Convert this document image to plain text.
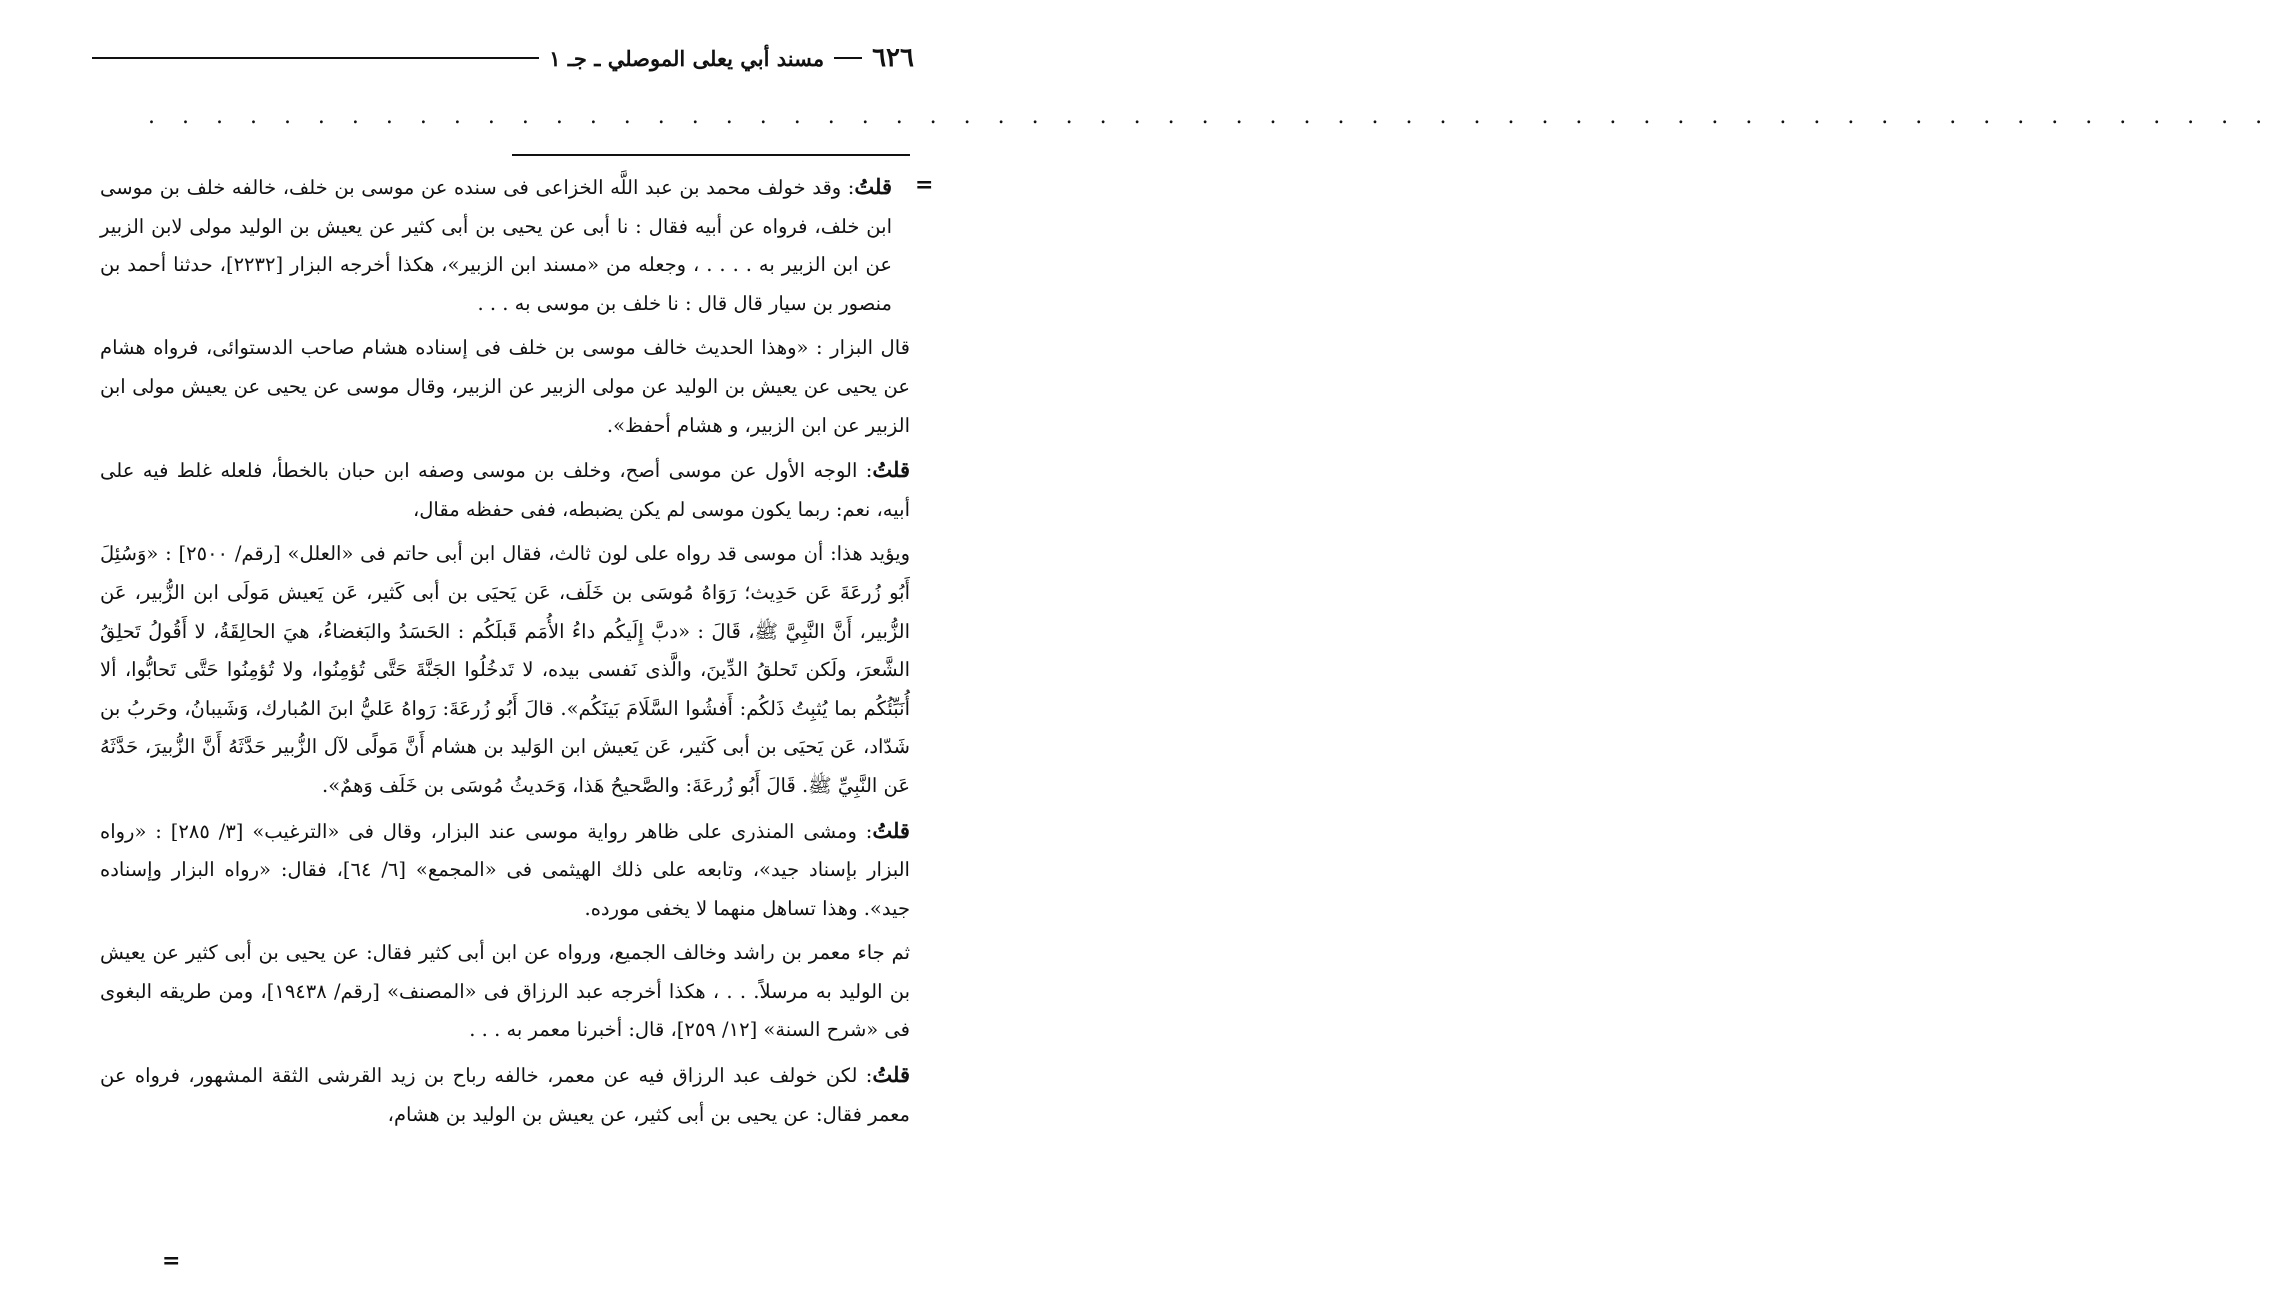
٦٢٦
مسند أبي يعلى الموصلي ـ جـ ١
. . . . . . . . . . . . . . . . . . . . . . . . . . . . . . . . . . . . . . . . . . . . . . . . . . . . . . . . . . . . . . .
=

قلتُ: وقد خولف محمد بن عبد اللَّه الخزاعى فى سنده عن موسى بن خلف، خالفه خلف بن موسى ابن خلف، فرواه عن أبيه فقال : نا أبى عن يحيى بن أبى كثير عن يعيش بن الوليد مولى لابن الزبير عن ابن الزبير به . . . . ، وجعله من «مسند ابن الزبير»، هكذا أخرجه البزار [٢٢٣٢]، حدثنا أحمد بن منصور بن سيار قال قال : نا خلف بن موسى به . . .

قال البزار : «وهذا الحديث خالف موسى بن خلف فى إسناده هشام صاحب الدستوائى، فرواه هشام عن يحيى عن يعيش بن الوليد عن مولى الزبير عن الزبير، وقال موسى عن يحيى عن يعيش مولى ابن الزبير عن ابن الزبير، و هشام أحفظ».

قلتُ: الوجه الأول عن موسى أصح، وخلف بن موسى وصفه ابن حبان بالخطأ، فلعله غلط فيه على أبيه، نعم: ربما يكون موسى لم يكن يضبطه، ففى حفظه مقال،

ويؤيد هذا: أن موسى قد رواه على لون ثالث، فقال ابن أبى حاتم فى «العلل» [رقم/ ٢٥٠٠] : «وَسُئِلَ أَبُو زُرعَةَ عَن حَدِيث؛ رَوَاهُ مُوسَى بن خَلَف، عَن يَحيَى بن أبى كَثير، عَن يَعيش مَولَى ابن الزُّبير، عَن الزُّبير، أَنَّ النَّبِيَّ ﷺ، قَالَ : «دبَّ إِلَيكُم داءُ الأُمَم قَبلَكُم : الحَسَدُ والبَغضاءُ، هيَ الحالِقَةُ، لا أَقُولُ تَحلِقُ الشَّعرَ، ولَكن تَحلقُ الدِّينَ، والَّذى نَفسى بيده، لا تَدخُلُوا الجَنَّةَ حَتَّى تُؤمِنُوا، ولا تُؤمِنُوا حَتَّى تَحابُّوا، ألا أُنَبِّئُكُم بما يُثبِتُ ذَلكُم: أَفشُوا السَّلَامَ بَينَكُم». قالَ أَبُو زُرعَةَ: رَواهُ عَليُّ ابنَ المُبارك، وَشَيبانُ، وحَربُ بن شَدّاد، عَن يَحيَى بن أبى كَثير، عَن يَعيش ابن الوَليد بن هشام أَنَّ مَولًى لآل الزُّبير حَدَّثَهُ أَنَّ الزُّبيرَ، حَدَّثَهُ عَن النَّبِيِّ ﷺ. قَالَ أَبُو زُرعَةَ: والصَّحيحُ هَذا، وَحَديثُ مُوسَى بن خَلَف وَهمٌ».

قلتُ: ومشى المنذرى على ظاهر رواية موسى عند البزار، وقال فى «الترغيب» [٣/ ٢٨٥] : «رواه البزار بإسناد جيد»، وتابعه على ذلك الهيثمى فى «المجمع» [٦/ ٦٤]، فقال: «رواه البزار وإسناده جيد». وهذا تساهل منهما لا يخفى مورده.

ثم جاء معمر بن راشد وخالف الجميع، ورواه عن ابن أبى كثير فقال: عن يحيى بن أبى كثير عن يعيش بن الوليد به مرسلاً. . . ، هكذا أخرجه عبد الرزاق فى «المصنف» [رقم/ ١٩٤٣٨]، ومن طريقه البغوى فى «شرح السنة» [١٢/ ٢٥٩]، قال: أخبرنا معمر به . . .

قلتُ: لكن خولف عبد الرزاق فيه عن معمر، خالفه رباح بن زيد القرشى الثقة المشهور، فرواه عن معمر فقال: عن يحيى بن أبى كثير، عن يعيش بن الوليد بن هشام،

=
